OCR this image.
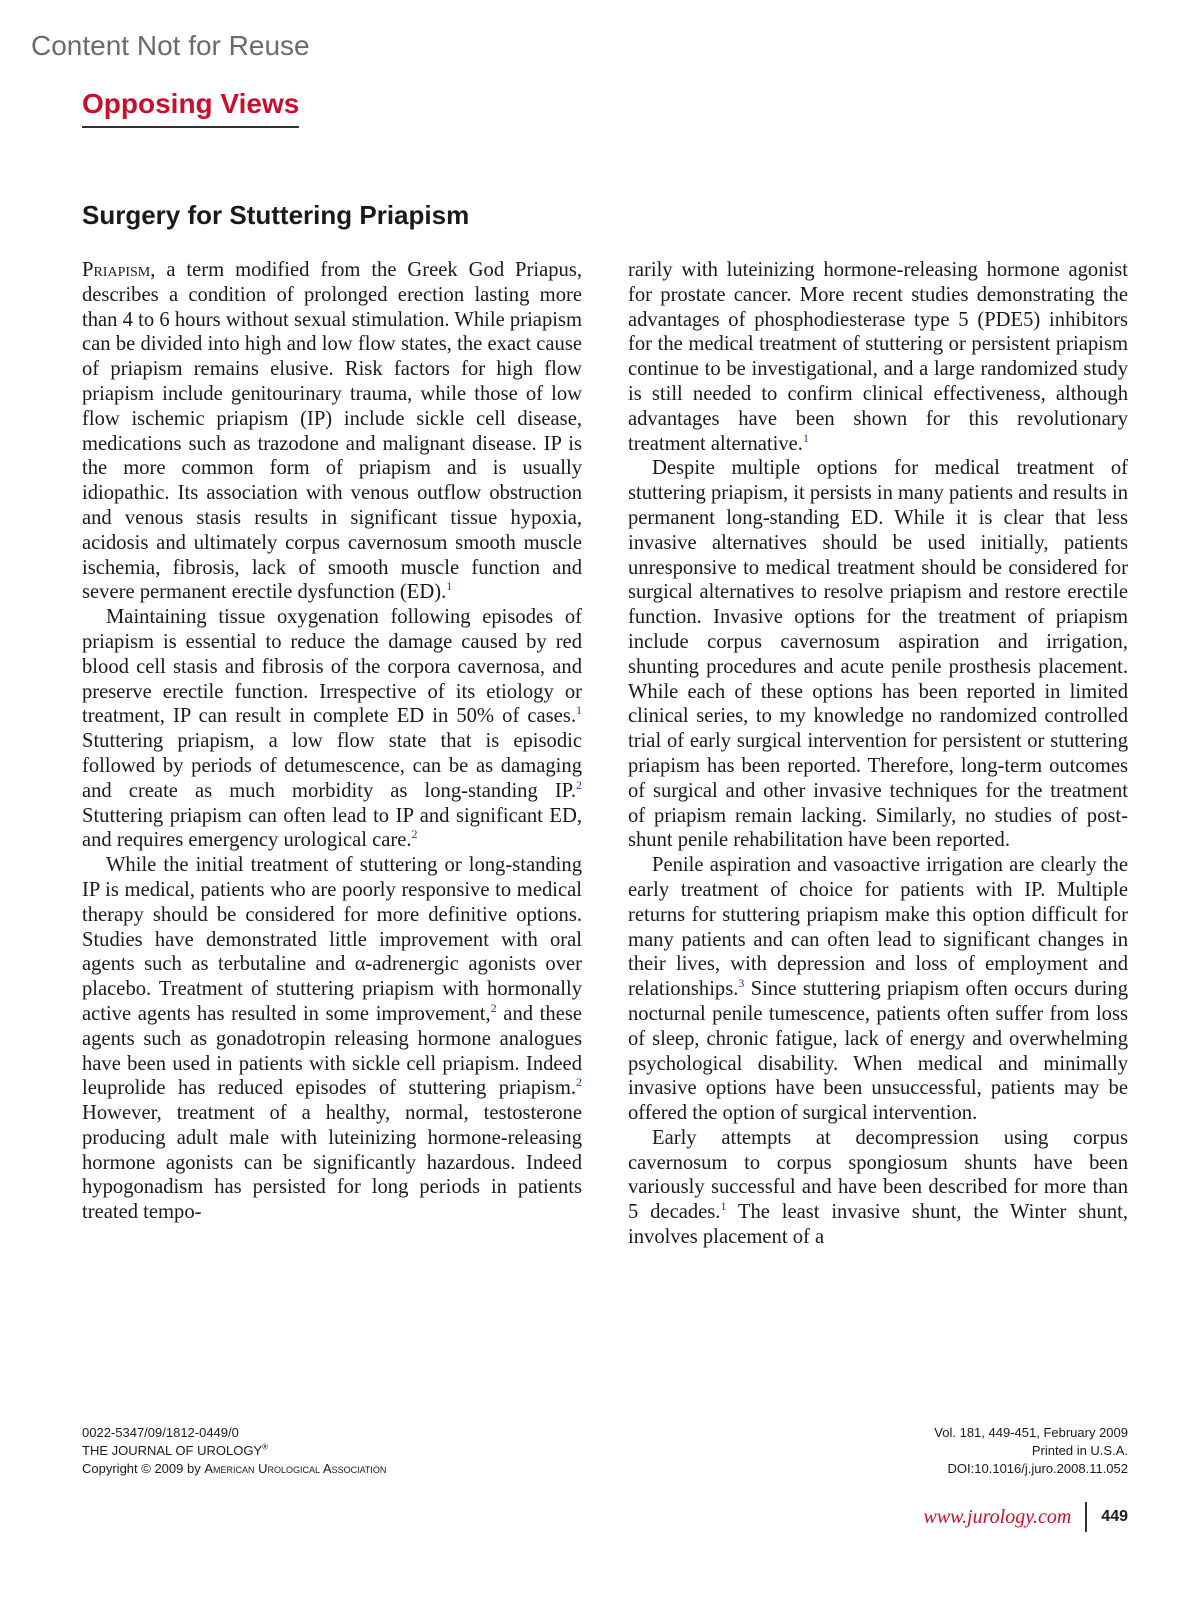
Content Not for Reuse
Opposing Views
Surgery for Stuttering Priapism

Priapism, a term modified from the Greek God Priapus, describes a condition of prolonged erection lasting more than 4 to 6 hours without sexual stimulation. While priapism can be divided into high and low flow states, the exact cause of priapism remains elusive. Risk factors for high flow priapism include genitourinary trauma, while those of low flow ischemic priapism (IP) include sickle cell disease, medications such as trazodone and malignant disease. IP is the more common form of priapism and is usually idiopathic. Its association with venous outflow obstruction and venous stasis results in significant tissue hypoxia, acidosis and ultimately corpus cavernosum smooth muscle ischemia, fibrosis, lack of smooth muscle function and severe permanent erectile dysfunction (ED).$^1$

Maintaining tissue oxygenation following episodes of priapism is essential to reduce the damage caused by red blood cell stasis and fibrosis of the corpora cavernosa, and preserve erectile function. Irrespective of its etiology or treatment, IP can result in complete ED in 50% of cases.$^1$ Stuttering priapism, a low flow state that is episodic followed by periods of detumescence, can be as damaging and create as much morbidity as long-standing IP.$^2$ Stuttering priapism can often lead to IP and significant ED, and requires emergency urological care.$^2$

While the initial treatment of stuttering or long-standing IP is medical, patients who are poorly responsive to medical therapy should be considered for more definitive options. Studies have demonstrated little improvement with oral agents such as terbutaline and α-adrenergic agonists over placebo. Treatment of stuttering priapism with hormonally active agents has resulted in some improvement,$^2$ and these agents such as gonadotropin releasing hormone analogues have been used in patients with sickle cell priapism. Indeed leuprolide has reduced episodes of stuttering priapism.$^2$ However, treatment of a healthy, normal, testosterone producing adult male with luteinizing hormone-releasing hormone agonists can be significantly hazardous. Indeed hypogonadism has persisted for long periods in patients treated tempo-

rarily with luteinizing hormone-releasing hormone agonist for prostate cancer. More recent studies demonstrating the advantages of phosphodiesterase type 5 (PDE5) inhibitors for the medical treatment of stuttering or persistent priapism continue to be investigational, and a large randomized study is still needed to confirm clinical effectiveness, although advantages have been shown for this revolutionary treatment alternative.$^1$

Despite multiple options for medical treatment of stuttering priapism, it persists in many patients and results in permanent long-standing ED. While it is clear that less invasive alternatives should be used initially, patients unresponsive to medical treatment should be considered for surgical alternatives to resolve priapism and restore erectile function. Invasive options for the treatment of priapism include corpus cavernosum aspiration and irrigation, shunting procedures and acute penile prosthesis placement. While each of these options has been reported in limited clinical series, to my knowledge no randomized controlled trial of early surgical intervention for persistent or stuttering priapism has been reported. Therefore, long-term outcomes of surgical and other invasive techniques for the treatment of priapism remain lacking. Similarly, no studies of post-shunt penile rehabilitation have been reported.

Penile aspiration and vasoactive irrigation are clearly the early treatment of choice for patients with IP. Multiple returns for stuttering priapism make this option difficult for many patients and can often lead to significant changes in their lives, with depression and loss of employment and relationships.$^3$ Since stuttering priapism often occurs during nocturnal penile tumescence, patients often suffer from loss of sleep, chronic fatigue, lack of energy and overwhelming psychological disability. When medical and minimally invasive options have been unsuccessful, patients may be offered the option of surgical intervention.

Early attempts at decompression using corpus cavernosum to corpus spongiosum shunts have been variously successful and have been described for more than 5 decades.$^1$ The least invasive shunt, the Winter shunt, involves placement of a

0022-5347/09/1812-0449/0
THE JOURNAL OF UROLOGY®
Copyright © 2009 by American Urological Association
Vol. 181, 449-451, February 2009
Printed in U.S.A.
DOI:10.1016/j.juro.2008.11.052
www.jurology.com	449
